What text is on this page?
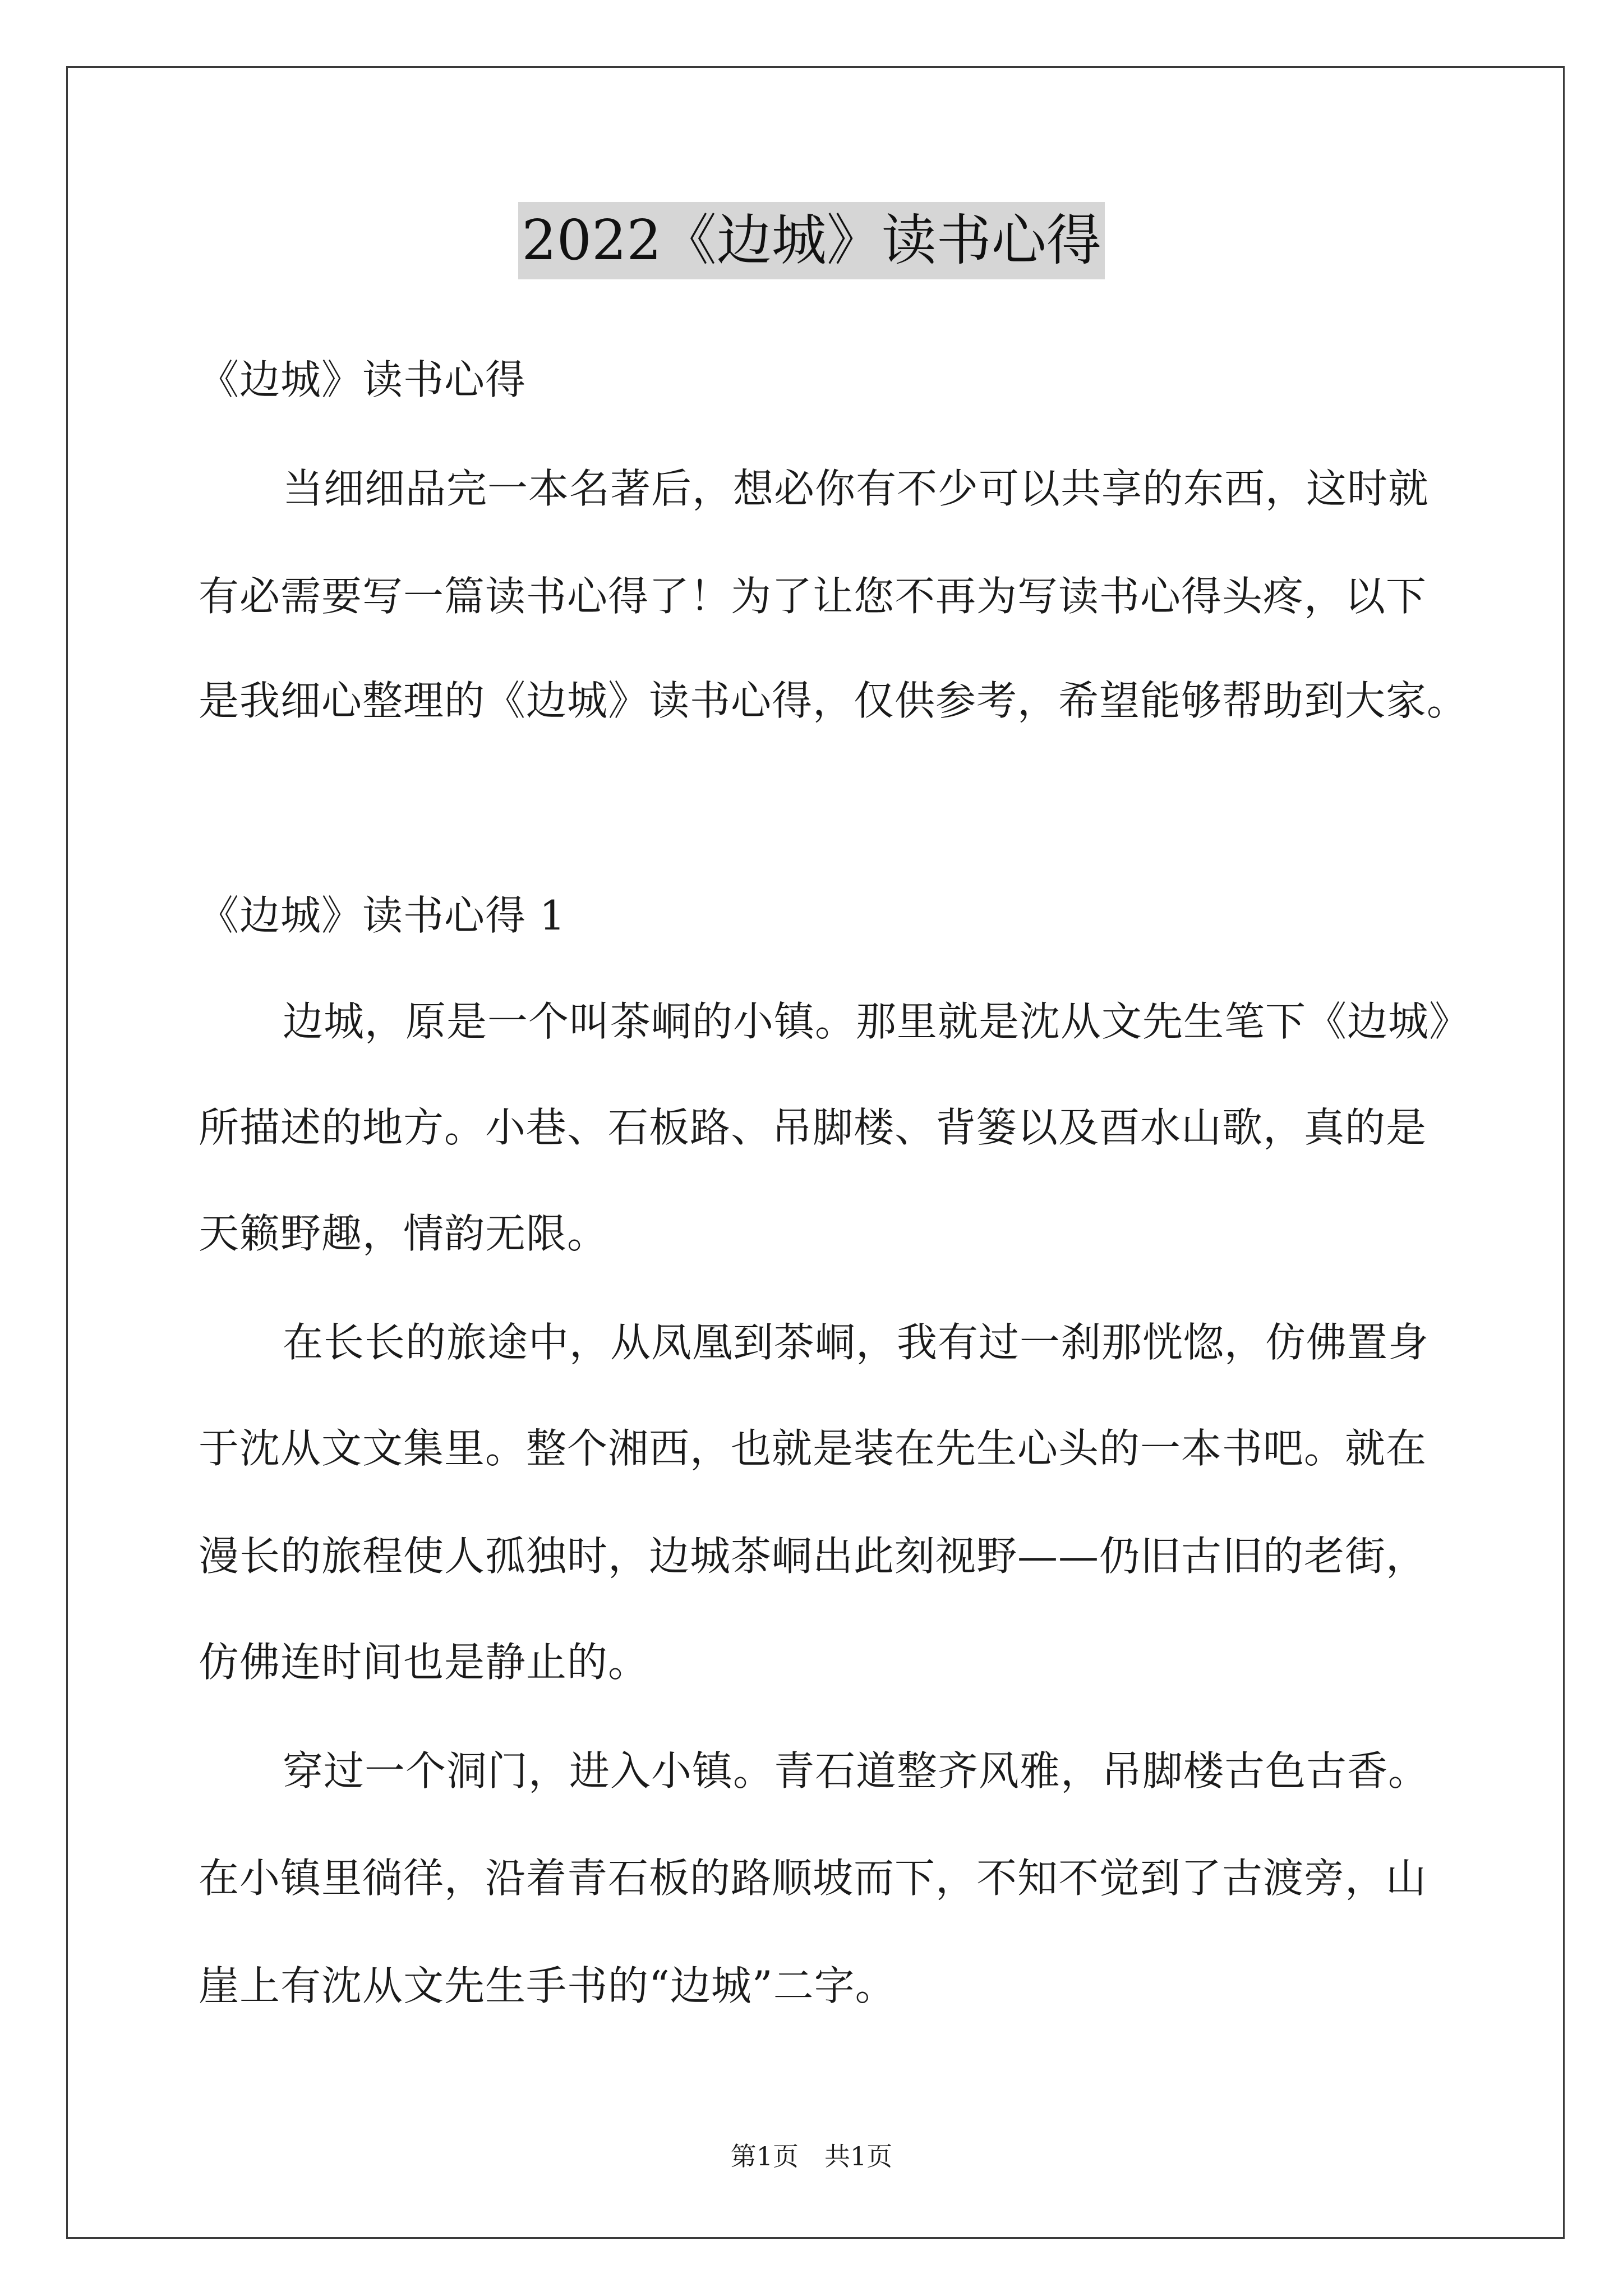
2022《边城》读书心得
《边城》读书心得
当细细品完一本名著后，想必你有不少可以共享的东西，这时就
有必需要写一篇读书心得了！为了让您不再为写读书心得头疼，以下
是我细心整理的《边城》读书心得，仅供参考，希望能够帮助到大家。
《边城》读书心得 1
边城，原是一个叫茶峒的小镇。那里就是沈从文先生笔下《边城》
所描述的地方。小巷、石板路、吊脚楼、背篓以及酉水山歌，真的是
天籁野趣，情韵无限。
在长长的旅途中，从凤凰到茶峒，我有过一刹那恍惚，仿佛置身
于沈从文文集里。整个湘西，也就是装在先生心头的一本书吧。就在
漫长的旅程使人孤独时，边城茶峒出此刻视野——仍旧古旧的老街，
仿佛连时间也是静止的。
穿过一个洞门，进入小镇。青石道整齐风雅，吊脚楼古色古香。
在小镇里徜徉，沿着青石板的路顺坡而下，不知不觉到了古渡旁，山
崖上有沈从文先生手书的“边城”二字。
第1页　共1页
